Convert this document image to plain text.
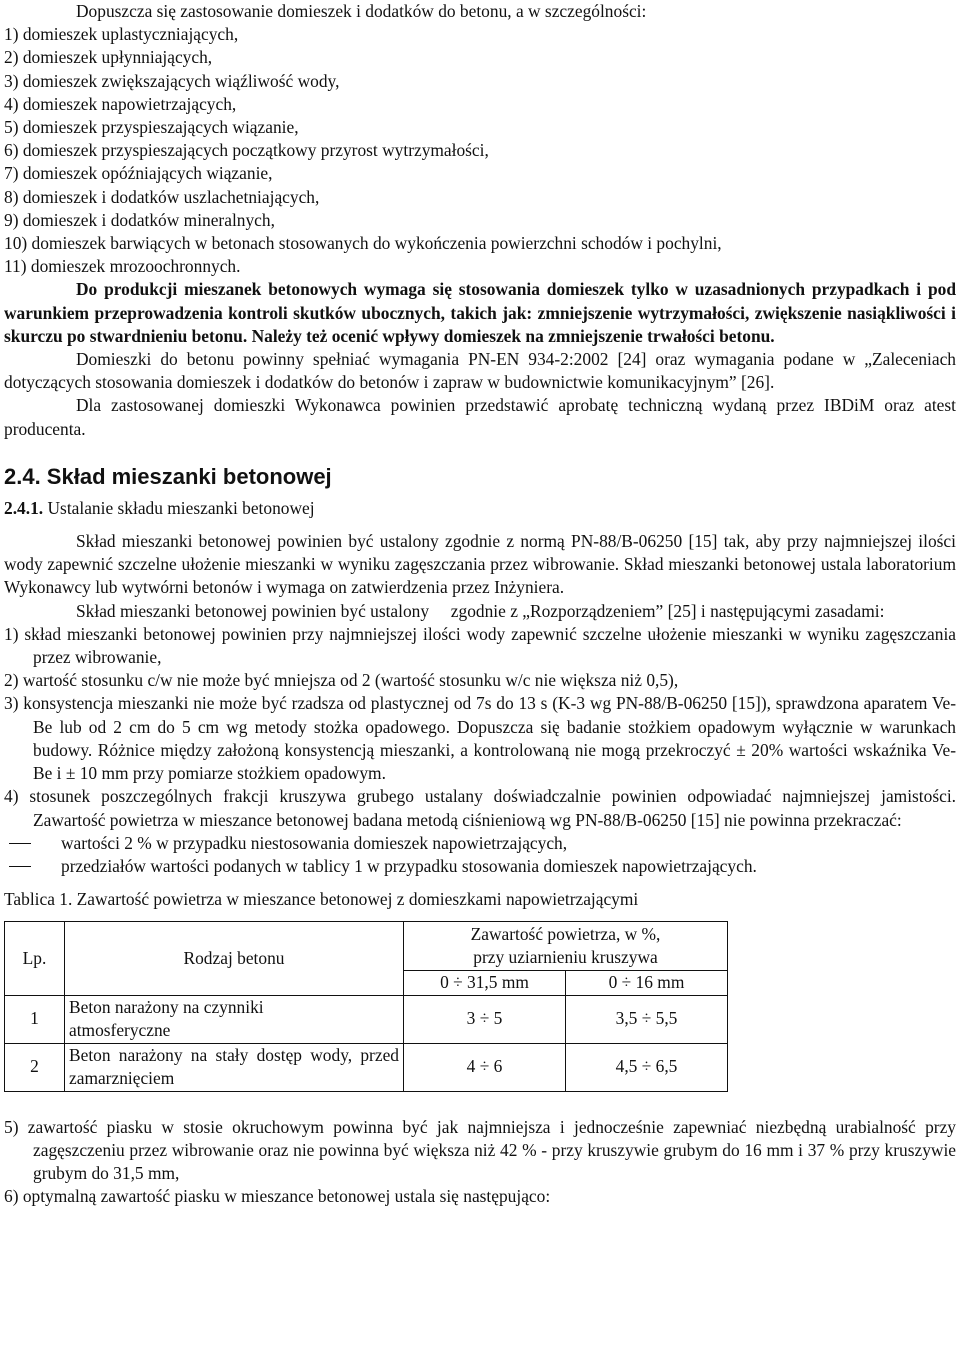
Dopuszcza się zastosowanie domieszek i dodatków do betonu, a w szczególności:

1) domieszek uplastyczniających,
2) domieszek upłynniających,
3) domieszek zwiększających wiąźliwość wody,
4) domieszek napowietrzających,
5) domieszek przyspieszających wiązanie,
6) domieszek przyspieszających początkowy przyrost wytrzymałości,
7) domieszek opóźniających wiązanie,
8) domieszek i dodatków uszlachetniających,
9) domieszek i dodatków mineralnych,
10) domieszek barwiących w betonach stosowanych do wykończenia powierzchni schodów i pochylni,
11) domieszek mrozoochronnych.

Do produkcji mieszanek betonowych wymaga się stosowania domieszek tylko w uzasadnionych przypadkach i pod warunkiem przeprowadzenia kontroli skutków ubocznych, takich jak: zmniejszenie wytrzymałości, zwiększenie nasiąkliwości i skurczu po stwardnieniu betonu. Należy też ocenić wpływy domieszek na zmniejszenie trwałości betonu.

Domieszki do betonu powinny spełniać wymagania PN-EN 934-2:2002 [24] oraz wymagania podane w „Zaleceniach dotyczących stosowania domieszek i dodatków do betonów i zapraw w budownictwie komunikacyjnym” [26].

Dla zastosowanej domieszki Wykonawca powinien przedstawić aprobatę techniczną wydaną przez IBDiM oraz atest producenta.

2.4. Skład mieszanki betonowej

2.4.1. Ustalanie składu mieszanki betonowej

Skład mieszanki betonowej powinien być ustalony zgodnie z normą PN-88/B-06250 [15] tak, aby przy najmniejszej ilości wody zapewnić szczelne ułożenie mieszanki w wyniku zagęszczania przez wibrowanie. Skład mieszanki betonowej ustala laboratorium Wykonawcy lub wytwórni betonów i wymaga on zatwierdzenia przez Inżyniera.

Skład mieszanki betonowej powinien być ustalony     zgodnie z „Rozporządzeniem” [25] i następującymi zasadami:

1) skład mieszanki betonowej powinien przy najmniejszej ilości wody zapewnić szczelne ułożenie mieszanki w wyniku zagęszczania przez wibrowanie,

2) wartość stosunku c/w nie może być mniejsza od 2 (wartość stosunku w/c nie większa niż 0,5),

3) konsystencja mieszanki nie może być rzadsza od plastycznej od 7s do 13 s (K-3 wg PN-88/B-06250 [15]), sprawdzona aparatem Ve-Be lub od 2 cm do 5 cm wg metody stożka opadowego. Dopuszcza się badanie stożkiem opadowym wyłącznie w warunkach budowy. Różnice między założoną konsystencją mieszanki, a kontrolowaną nie mogą przekroczyć ± 20% wartości wskaźnika Ve-Be i ± 10 mm przy pomiarze stożkiem opadowym.

4) stosunek poszczególnych frakcji kruszywa grubego ustalany doświadczalnie powinien odpowiadać najmniejszej jamistości. Zawartość powietrza w mieszance betonowej badana metodą ciśnieniową wg PN-88/B-06250 [15] nie powinna przekraczać:

wartości 2 % w przypadku niestosowania domieszek napowietrzających,

przedziałów wartości podanych w tablicy 1 w przypadku stosowania domieszek napowietrzających.

Tablica 1. Zawartość powietrza w mieszance betonowej z domieszkami napowietrzającymi

Lp.	Rodzaj betonu	Zawartość powietrza, w %,
przy uziarnieniu kruszywa	

		0 ÷ 31,5 mm	0 ÷ 16 mm
1	Beton narażony na czynniki atmosferyczne	3 ÷ 5	3,5 ÷ 5,5
2	Beton narażony na stały dostęp wody, przed zamarznięciem	4 ÷ 6	4,5 ÷ 6,5

5) zawartość piasku w stosie okruchowym powinna być jak najmniejsza i jednocześnie zapewniać niezbędną urabialność przy zagęszczeniu przez wibrowanie oraz nie powinna być większa niż 42 % - przy kruszywie grubym do 16 mm i 37 % przy kruszywie grubym do 31,5 mm,

6) optymalną zawartość piasku w mieszance betonowej ustala się następująco:
